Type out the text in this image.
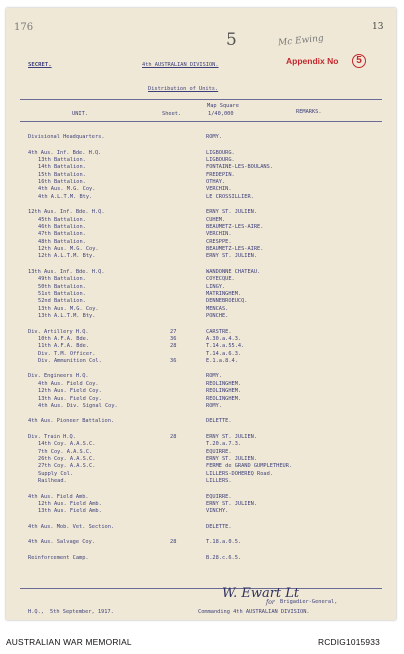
176
5	Mc Ewing
13
Appendix No	5
SECRET.	4th AUSTRALIAN DIVISION.
Distribution of Units.
UNIT.	Sheet.
Map Square
1/40,000	REMARKS.
Divisional Headquarters.	ROMY.
4th Aus. Inf. Bde. H.Q.	LIGBOURG.
13th Battalion.	LIGBOURG.
14th Battalion.	FONTAINE-LES-BOULANS.
15th Battalion.	FREDEPIN.
16th Battalion.	OTHAY.
4th Aus. M.G. Coy.	VERCHIN.
4th A.L.T.M. Bty.	LE CROSSILLIER.
12th Aus. Inf. Bde. H.Q.	ERNY ST. JULIEN.
45th Battalion.	CUHEM.
46th Battalion.	BEAUMETZ-LES-AIRE.
47th Battalion.	VERCHIN.
48th Battalion.	CRESPPE.
12th Aus. M.G. Coy.	BEAUMETZ-LES-AIRE.
12th A.L.T.M. Bty.	ERNY ST. JULIEN.
13th Aus. Inf. Bde. H.Q.	WANDONNE CHATEAU.
49th Battalion.	COYECQUE.
50th Battalion.	LINGY.
51st Battalion.	MATRINGHEM.
52nd Battalion.	DENNEBROEUCQ.
13th Aus. M.G. Coy.	MENCAS.
13th A.L.T.M. Bty.	PONCHE.
Div. Artillery H.Q.	27	CARSTRE.
10th A.F.A. Bde.	36	A.30.a.4.3.
11th A.F.A. Bde.	28	T.14.a.55.4.
Div. T.M. Officer.	T.14.a.6.3.
Div. Ammunition Col.	36	E.1.a.8.4.
Div. Engineers H.Q.	ROMY.
4th Aus. Field Coy.	REOLINGHEM.
12th Aus. Field Coy.	REOLINGHEM.
13th Aus. Field Coy.	REOLINGHEM.
4th Aus. Div. Signal Coy.	ROMY.
4th Aus. Pioneer Battalion.	DELETTE.
Div. Train H.Q.	28	ERNY ST. JULIEN.
14th Coy. A.A.S.C.	T.20.a.7.3.
7th Coy. A.A.S.C.	EQUIRRE.
26th Coy. A.A.S.C.	ERNY ST. JULIEN.
27th Coy. A.A.S.C.	FERME de GRAND GUMPLETHEUR.
Supply Col.	LILLERS-DOHEREQ Road.
Railhead.	LILLERS.
4th Aus. Field Amb.	EQUIRRE.
12th Aus. Field Amb.	ERNY ST. JULIEN.
13th Aus. Field Amb.	VINCHY.
4th Aus. Mob. Vet. Section.	DELETTE.
4th Aus. Salvage Coy.	28	T.18.a.0.5.
Reinforcement Camp.	B.28.c.6.5.
W. Ewart Lt
for Brigadier-General,
H.Q., 5th September, 1917.	Commanding 4th AUSTRALIAN DIVISION.
AUSTRALIAN WAR MEMORIAL	RCDIG1015933
